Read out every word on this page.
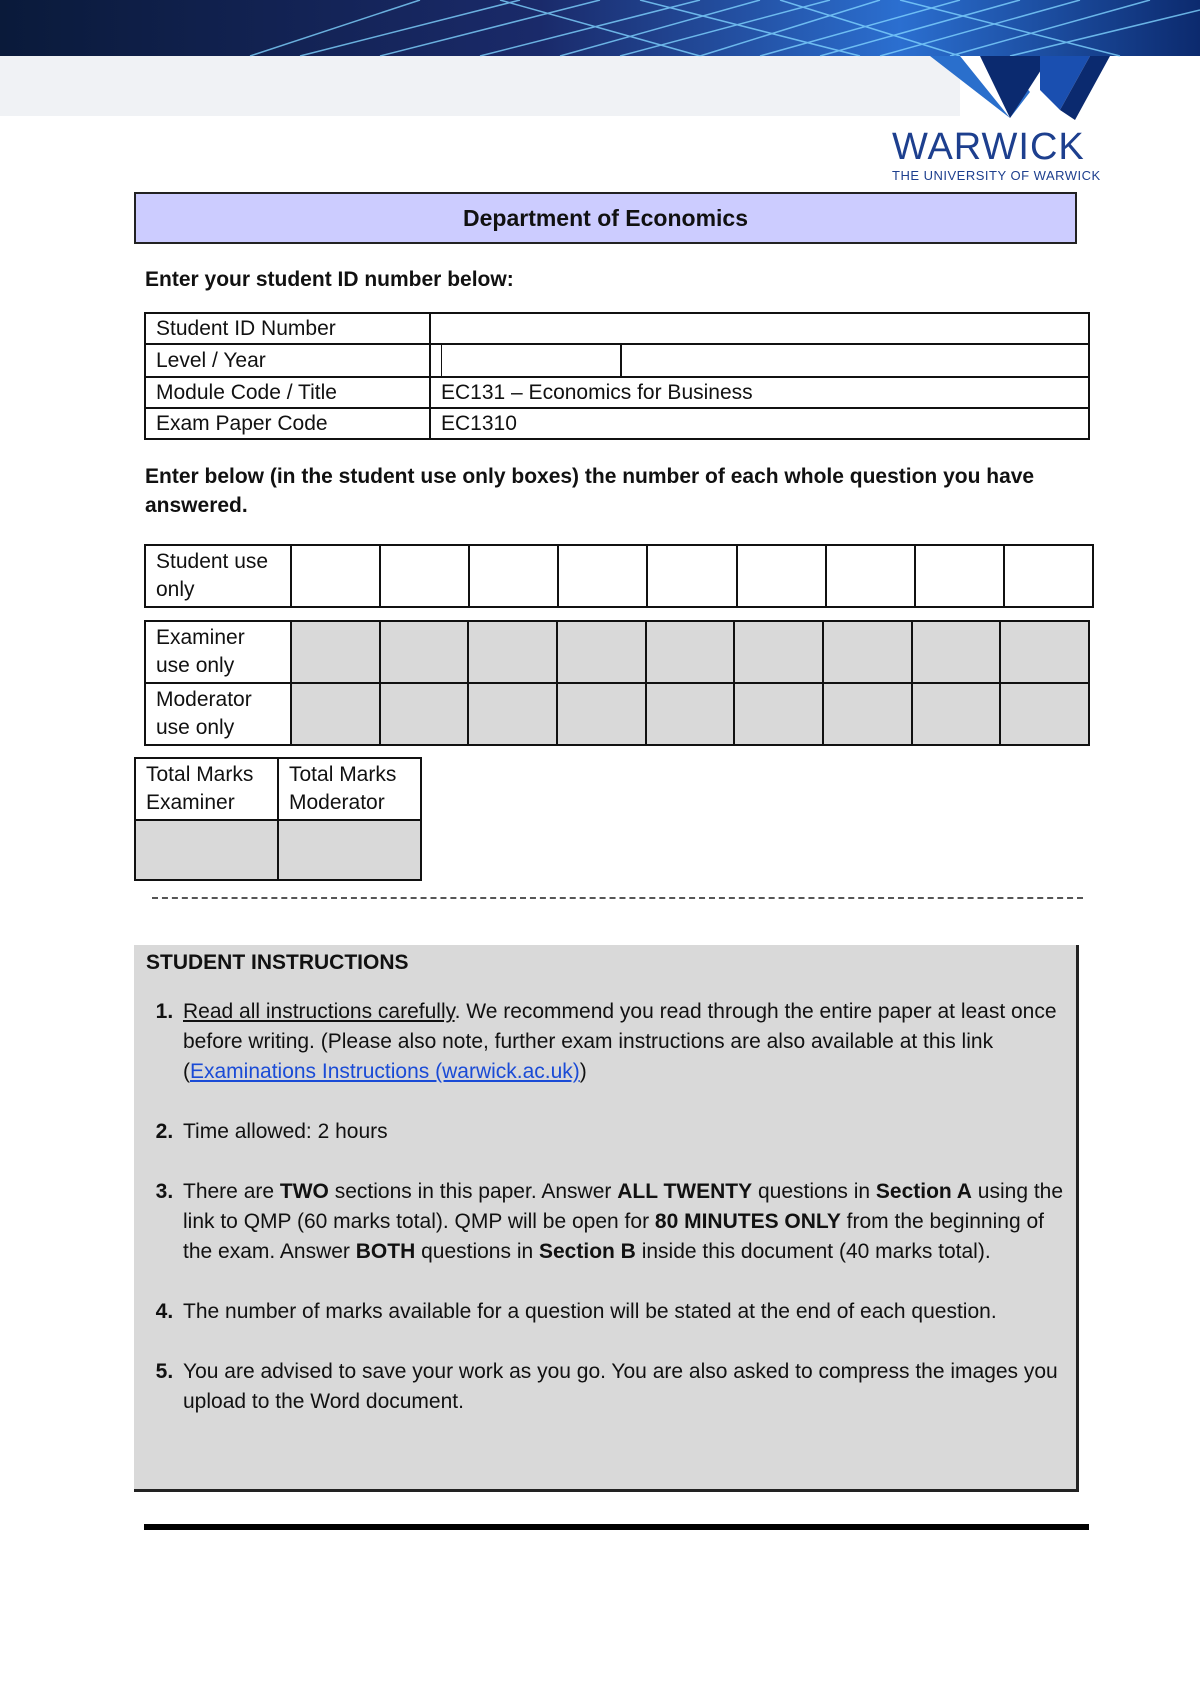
WARWICK
THE UNIVERSITY OF WARWICK
Department of Economics
Enter your student ID number below:
Student ID Number	
Level / Year	

Module Code / Title	EC131 – Economics for Business
Exam Paper Code	EC1310
Enter below (in the student use only boxes) the number of each whole question you have answered.
Student use only									
Examiner use only									
Moderator use only									
Total Marks Examiner	Total Marks Moderator

STUDENT INSTRUCTIONS
1. Read all instructions carefully. We recommend you read through the entire paper at least once before writing. (Please also note, further exam instructions are also available at this link (Examinations Instructions (warwick.ac.uk))
2. Time allowed: 2 hours
3. There are TWO sections in this paper. Answer ALL TWENTY questions in Section A using the link to QMP (60 marks total). QMP will be open for 80 MINUTES ONLY from the beginning of the exam. Answer BOTH questions in Section B inside this document (40 marks total).
4. The number of marks available for a question will be stated at the end of each question.
5. You are advised to save your work as you go. You are also asked to compress the images you upload to the Word document.
